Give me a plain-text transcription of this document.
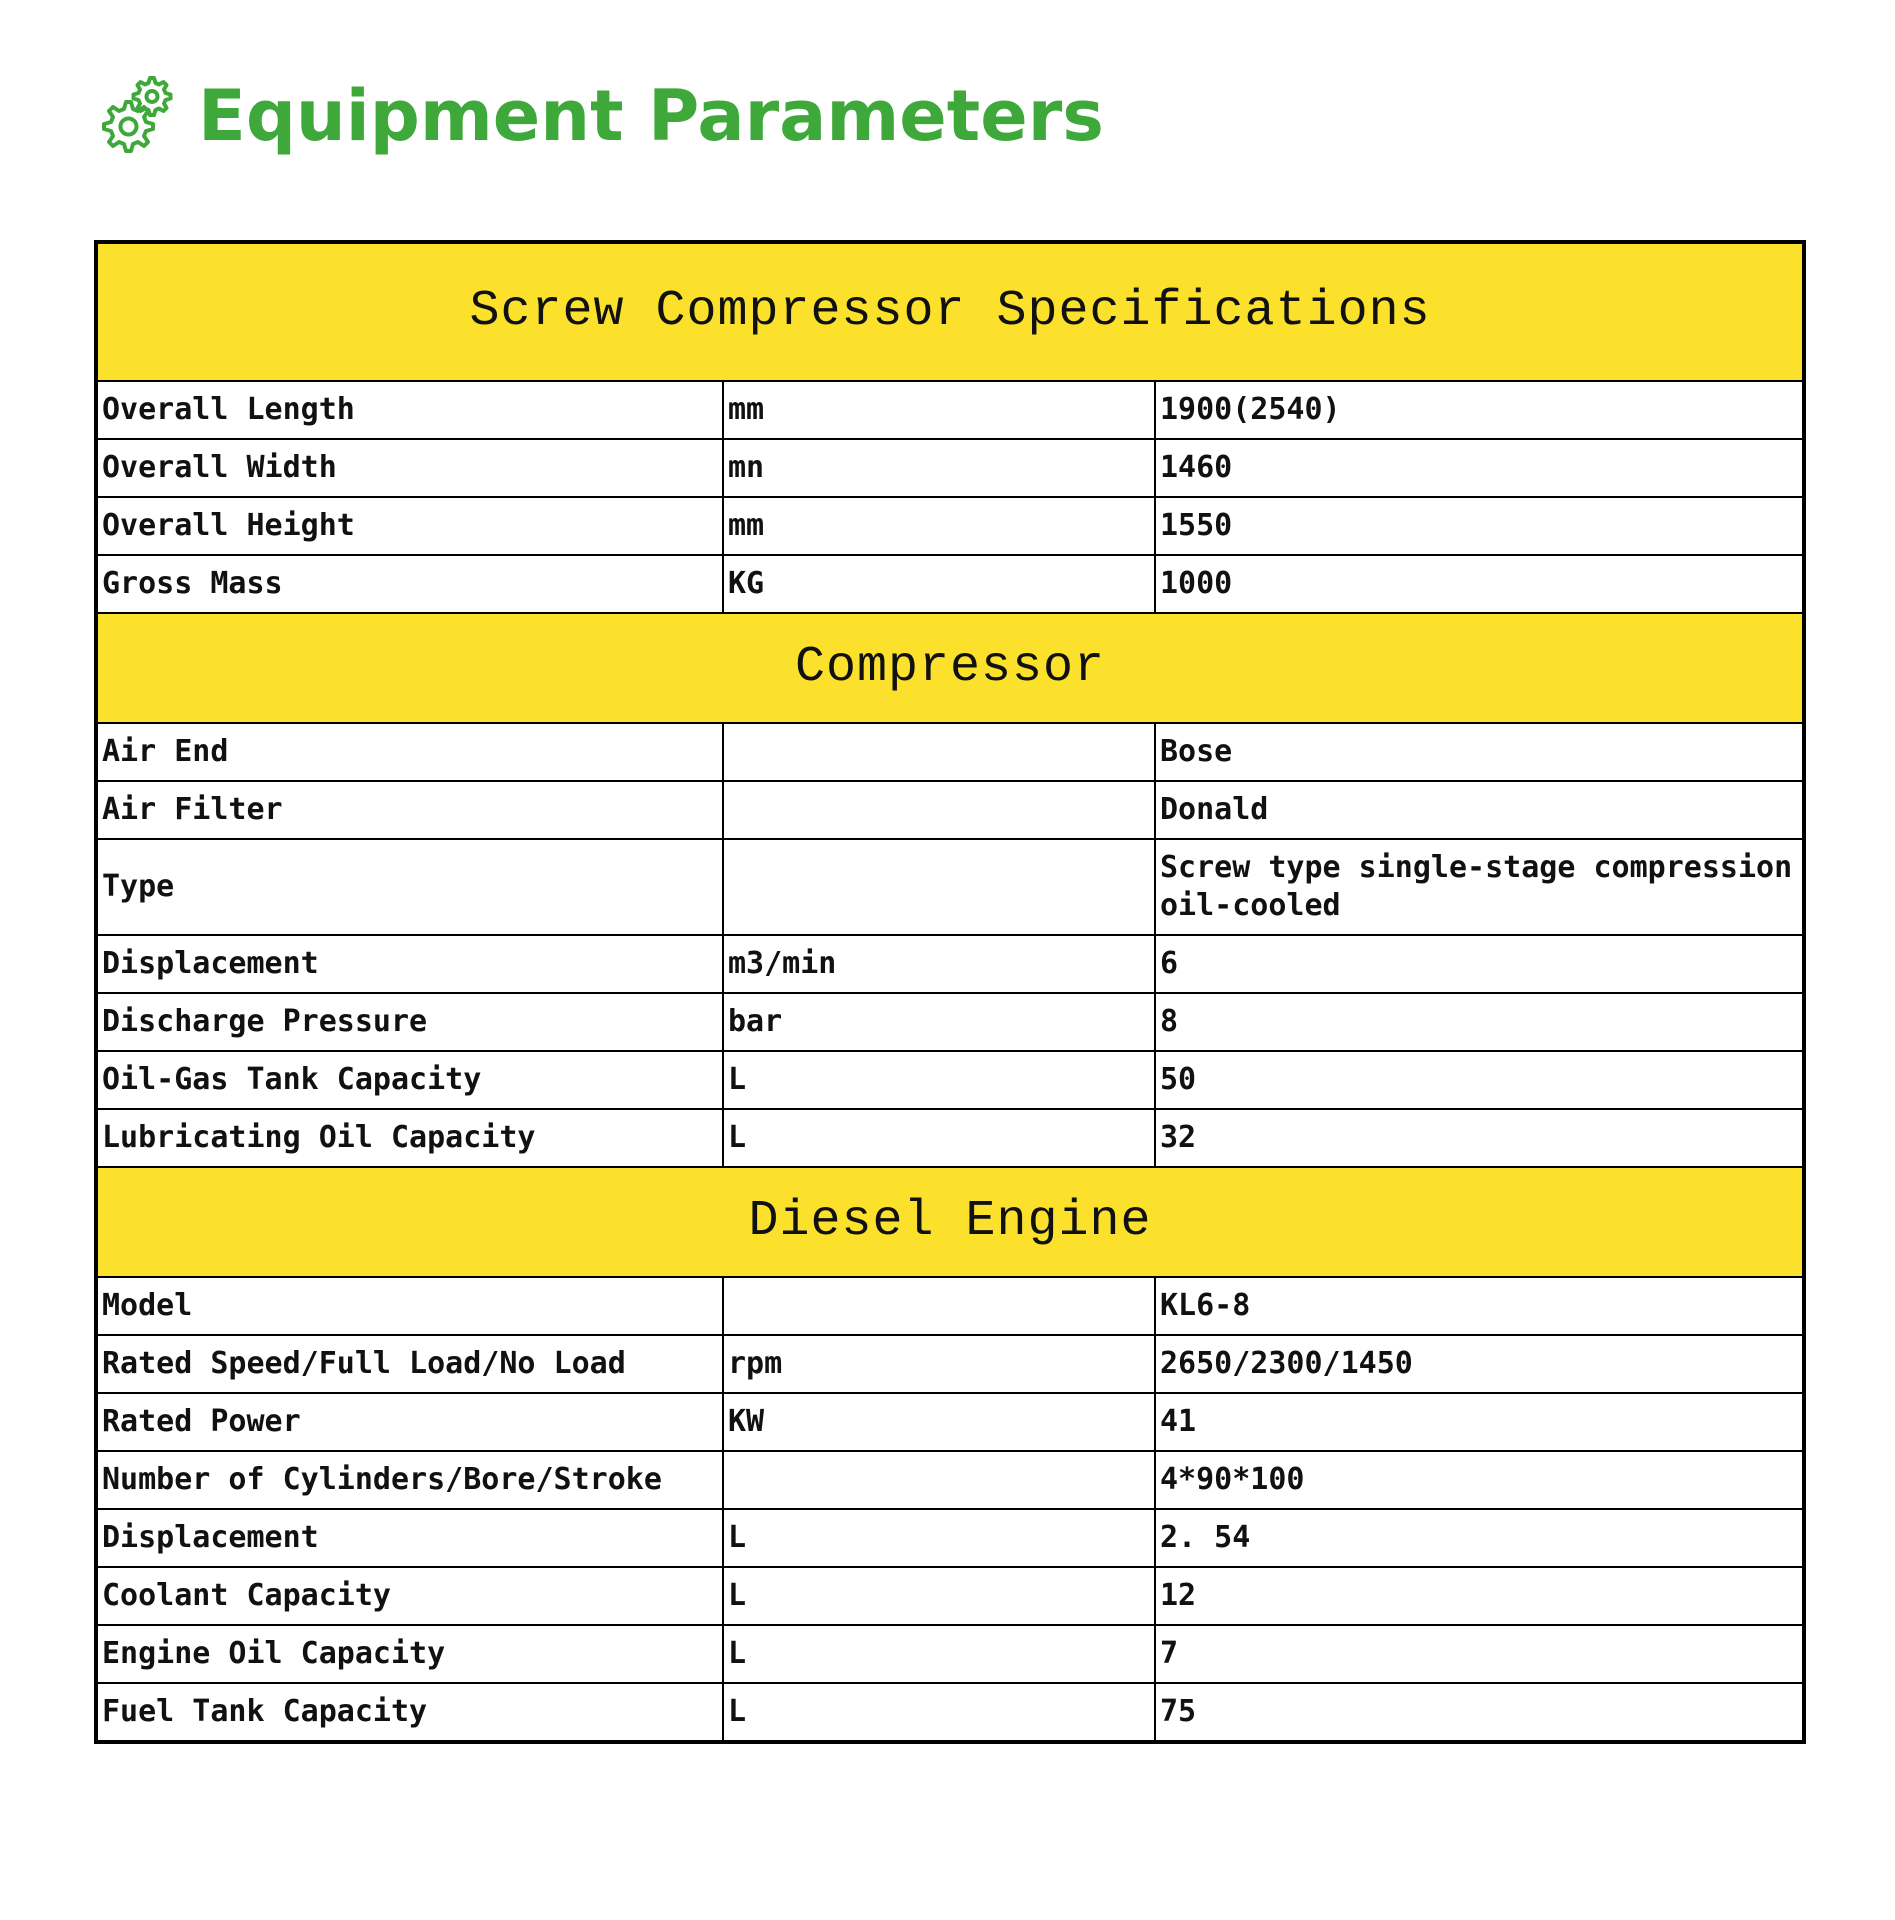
Equipment Parameters
Screw Compressor Specifications		
Overall Length	mm	1900(2540)
Overall Width	mn	1460
Overall Height	mm	1550
Gross Mass	KG	1000
Compressor		
Air End		Bose
Air Filter		Donald
Type		Screw type single-stage compression oil-cooled
Displacement	m3/min	6
Discharge Pressure	bar	8
Oil-Gas Tank Capacity	L	50
Lubricating Oil Capacity	L	32
Diesel Engine		
Model		KL6-8
Rated Speed/Full Load/No Load	rpm	2650/2300/1450
Rated Power	KW	41
Number of Cylinders/Bore/Stroke		4*90*100
Displacement	L	2. 54
Coolant Capacity	L	12
Engine Oil Capacity	L	7
Fuel Tank Capacity	L	75
